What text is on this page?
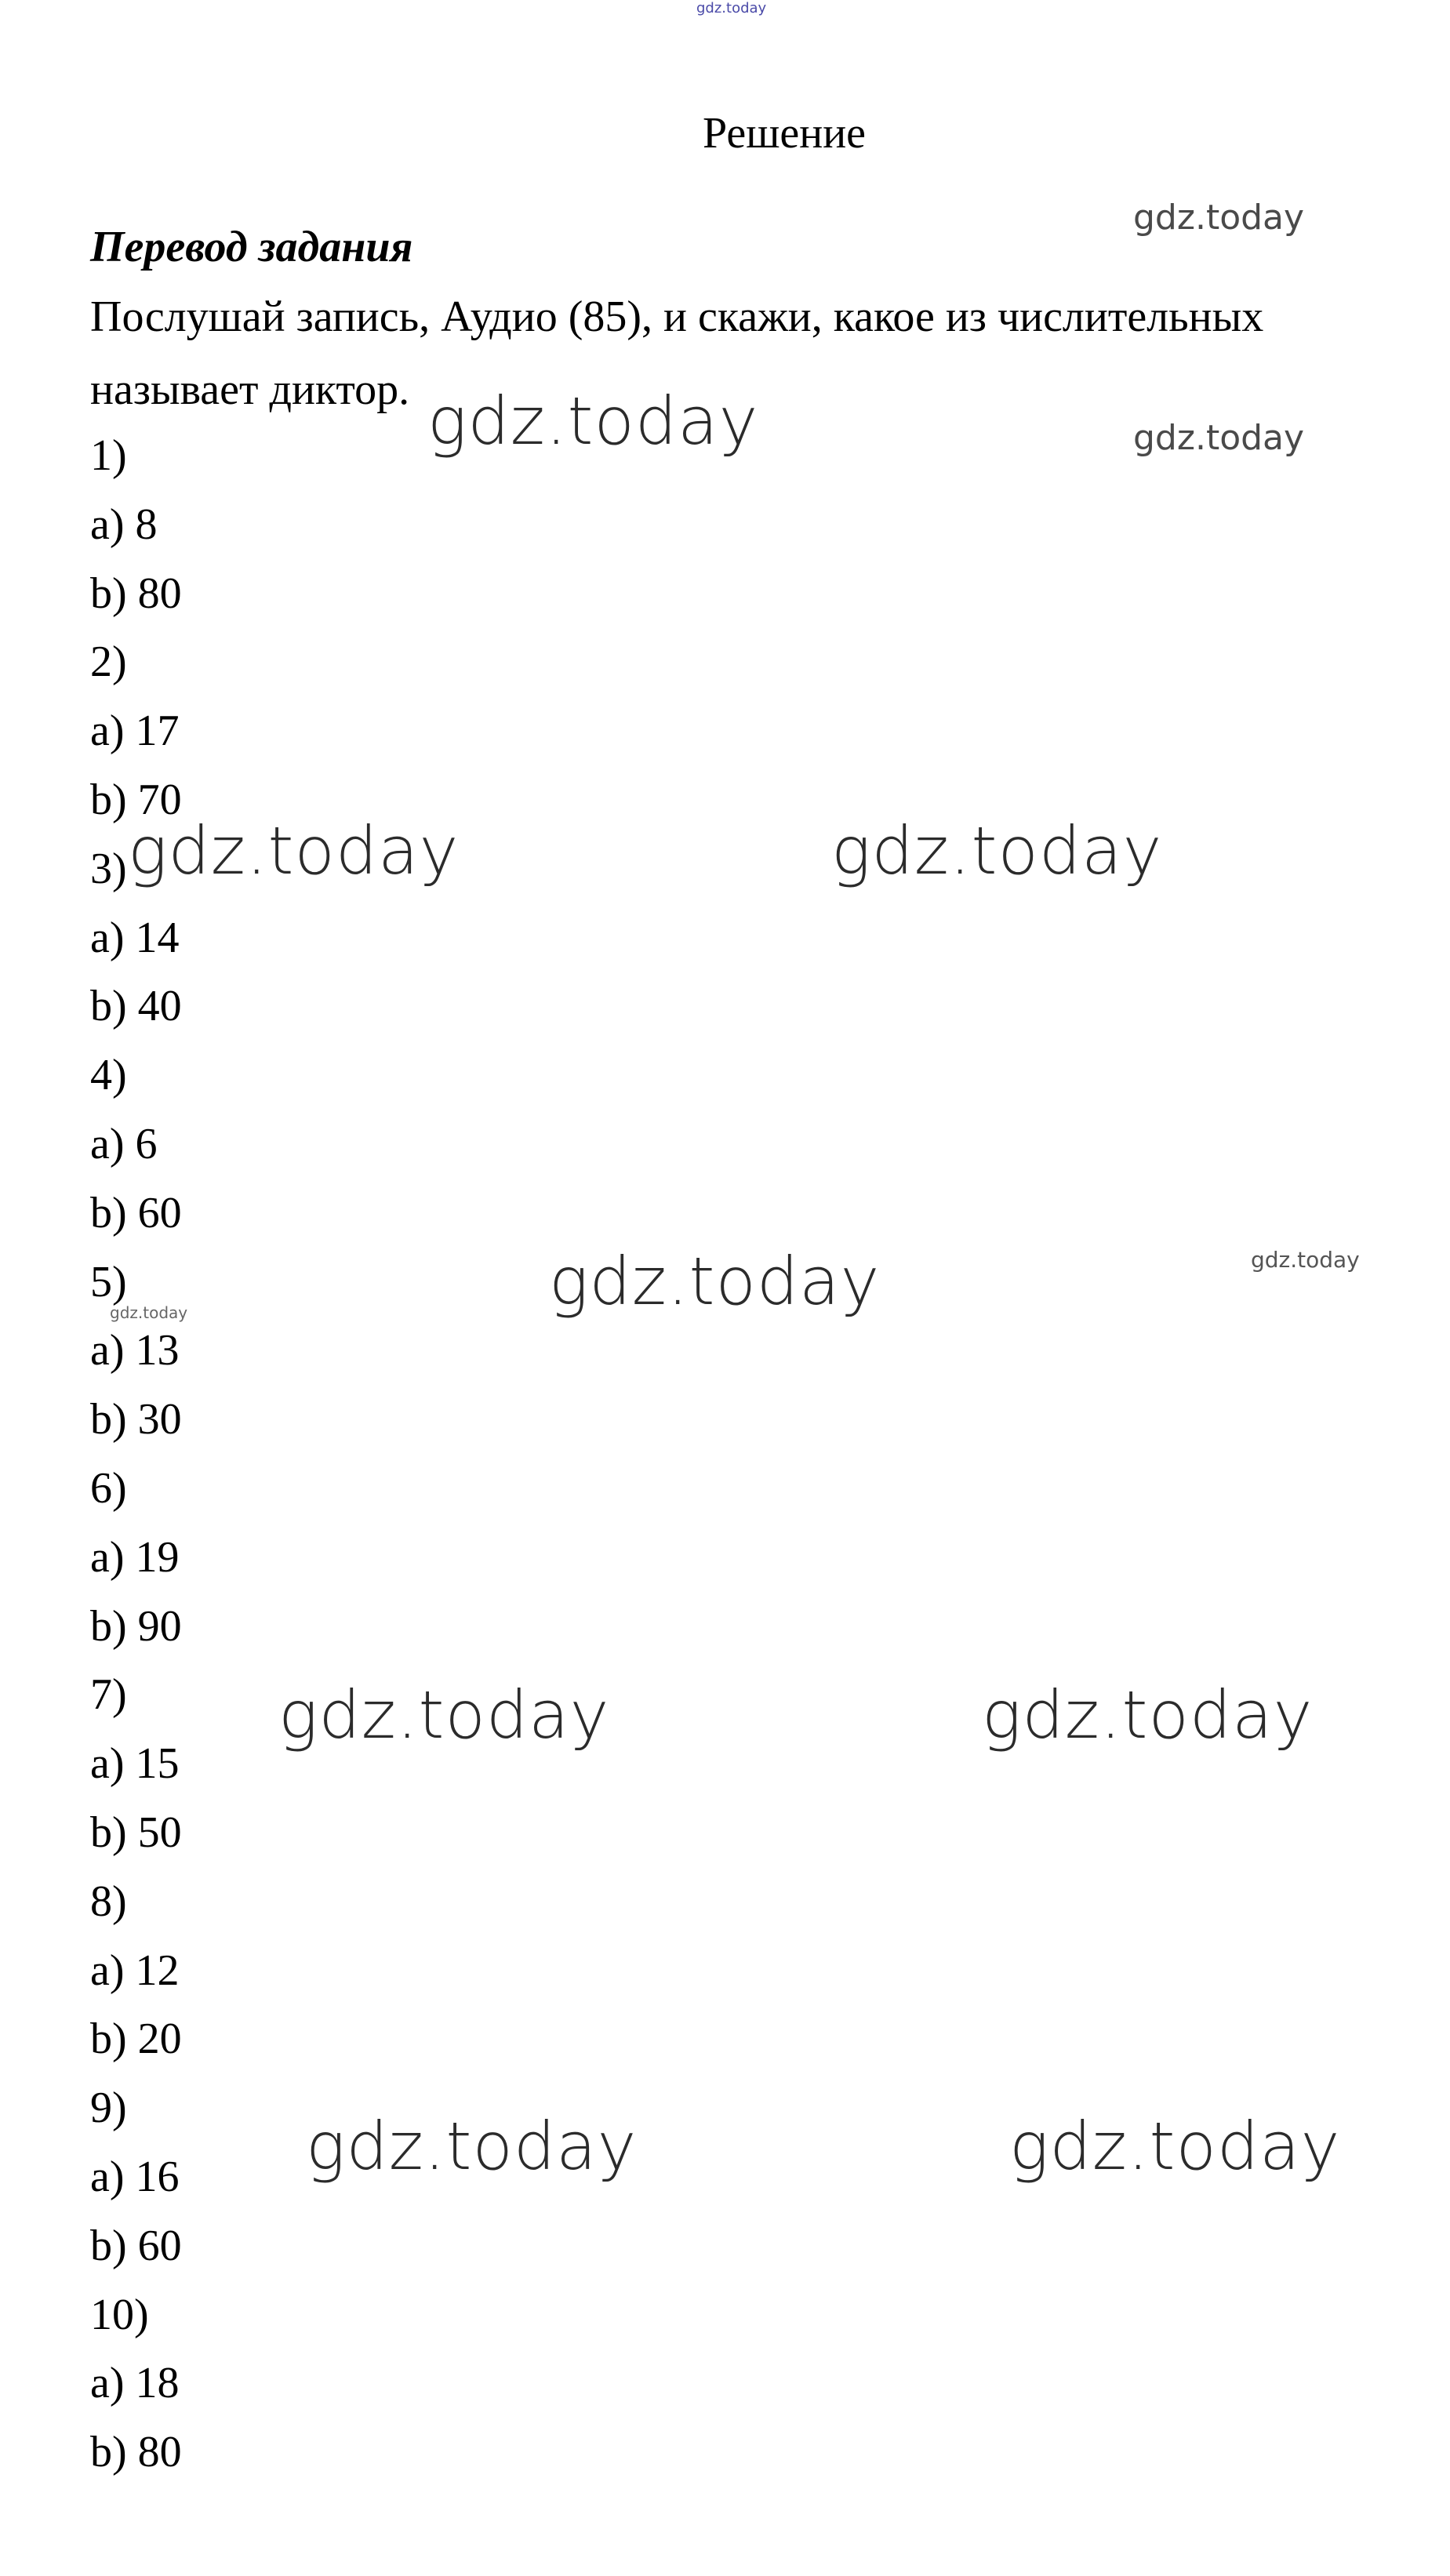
gdz.today
Решение
Перевод задания
Послушай запись, Аудио (85), и скажи, какое из числительных называет диктор.
1)
a) 8
b) 80
2)
a) 17
b) 70
3)
a) 14
b) 40
4)
a) 6
b) 60
5)
a) 13
b) 30
6)
a) 19
b) 90
7)
a) 15
b) 50
8)
a) 12
b) 20
9)
a) 16
b) 60
10)
a) 18
b) 80
gdz.today
gdz.today	gdz.today
gdz.today	gdz.today
gdz.today
gdz.today
gdz.today
gdz.today	gdz.today
gdz.today	gdz.today
